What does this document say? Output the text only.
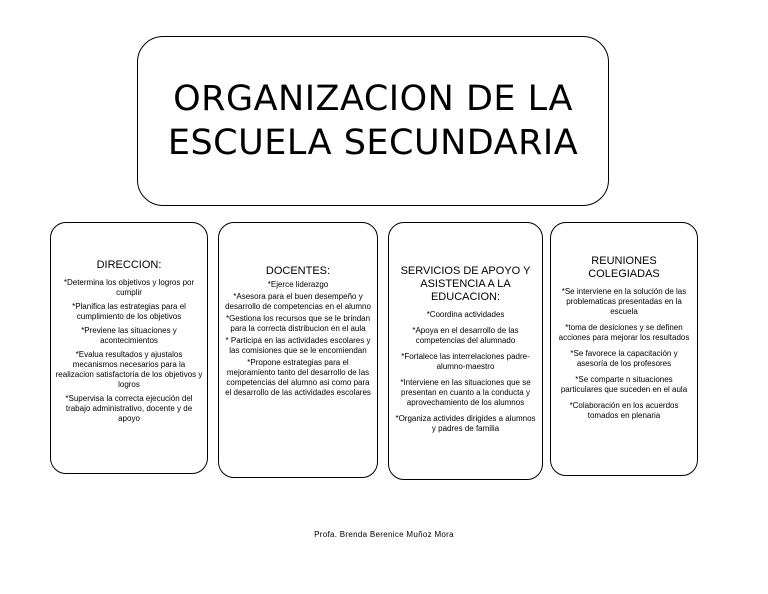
ORGANIZACION DE LA
ESCUELA SECUNDARIA
DIRECCION:
*Determina los objetivos y logros por cumplir
*Planifica las estrategias para el cumplimiento de los objetivos
*Previene las situaciones y acontecimientos
*Evalua resultados y ajustalos mecanismos necesarios para la realizacion satisfactoria de los objetivos y logros
*Supervisa la correcta ejecución del trabajo administrativo, docente y de apoyo
DOCENTES:
*Ejerce liderazgo
*Asesora para el buen desempeño y desarrollo de competencias en el alumno
*Gestiona los recursos que se le brindan para la correcta distribucion en el aula
* Participa en las actividades escolares y las comisiones que se le encomiendan
*Propone estrategias para el mejoramiento tanto del desarrollo de las competencias del alumno asi como para el desarrollo de las actividades escolares
SERVICIOS DE APOYO Y ASISTENCIA A LA EDUCACION:
*Coordina actividades
*Apoya en el desarrollo de las competencias del alumnado
*Fortalece las interrelaciones padre-alumno-maestro
*Interviene en las situaciones que se presentan en cuanto a la conducta y aprovechamiento de los alumnos
*Organiza activides dirigides a alumnos y padres de familia
REUNIONES COLEGIADAS
*Se interviene en la solución de las problematicas presentadas en la escuela
*toma de desiciones y se definen acciones para mejorar los resultados
*Se favorece la capacitación y asesoría de los profesores
*Se comparte n situaciones particulares que suceden en el aula
*Colaboración en los acuerdos tomados en plenaria
Profa. Brenda Berenice Muñoz Mora
